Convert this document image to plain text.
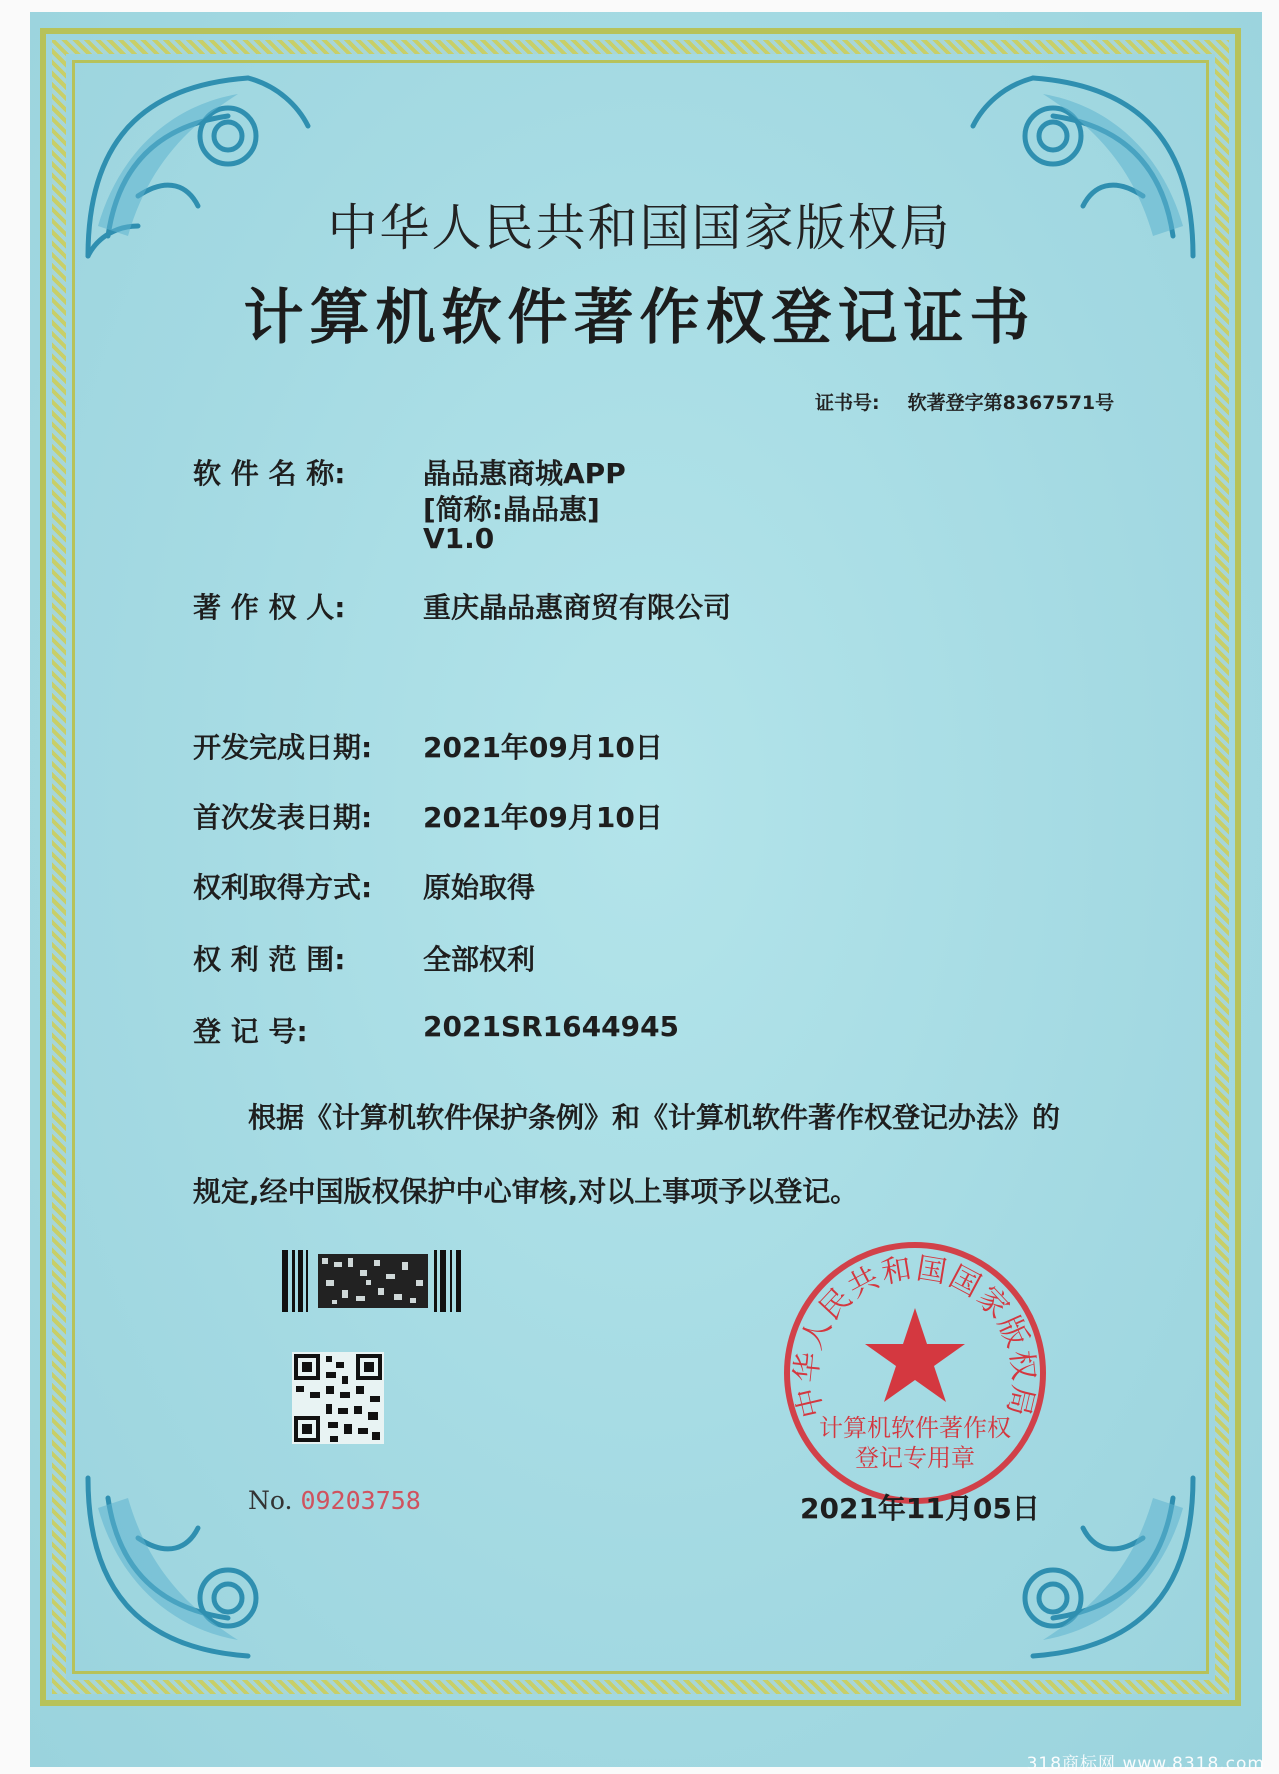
中华人民共和国国家版权局
计算机软件著作权登记证书
证书号: 软著登字第8367571号
软 件 名 称:	晶品惠商城APP
[简称:晶品惠]
V1.0
著 作 权 人:	重庆晶品惠商贸有限公司
开发完成日期:	2021年09月10日
首次发表日期:	2021年09月10日
权利取得方式:	原始取得
权 利 范 围:	全部权利
登 记 号:	2021SR1644945
根据《计算机软件保护条例》和《计算机软件著作权登记办法》的
规定,经中国版权保护中心审核,对以上事项予以登记。
No. 09203758
中华人民共和国国家版权局
计算机软件著作权
登记专用章
2021年11月05日
318商标网 www.8318.com
